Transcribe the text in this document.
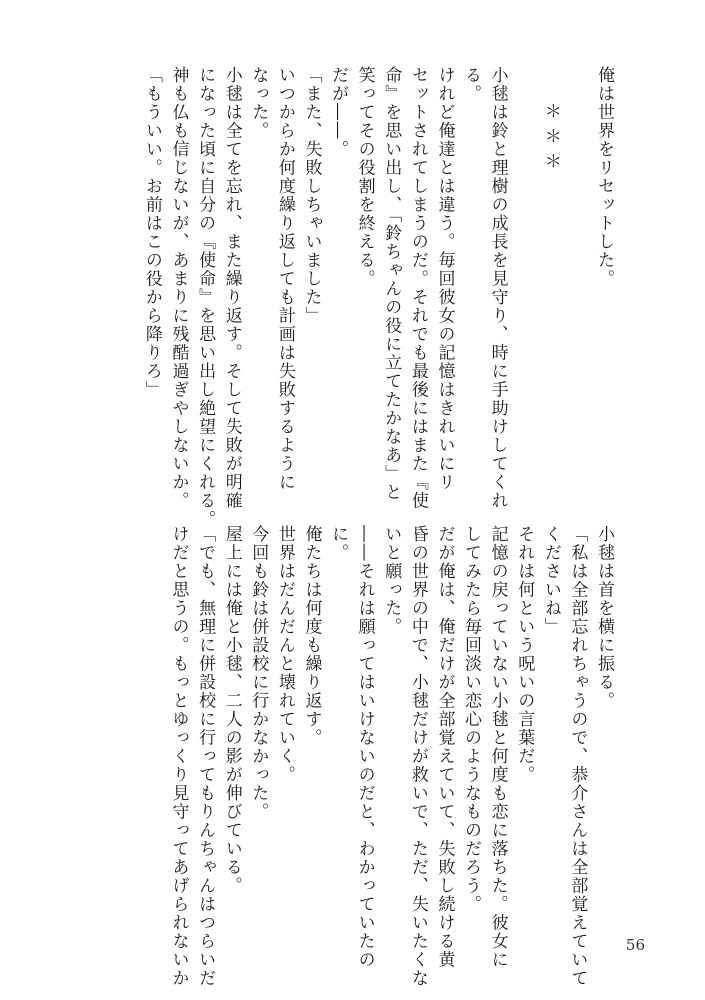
俺は世界をリセットした。

＊＊＊

小毬は鈴と理樹の成長を見守り、時に手助けしてくれ
る。
けれど俺達とは違う。毎回彼女の記憶はきれいにリ
セットされてしまうのだ。それでも最後にはまた『使
命』を思い出し、「鈴ちゃんの役に立てたかなあ」と
笑ってその役割を終える。
だが――。
「また、失敗しちゃいました」
いつからか何度繰り返しても計画は失敗するように
なった。
小毬は全てを忘れ、また繰り返す。そして失敗が明確
になった頃に自分の『使命』を思い出し絶望にくれる。
神も仏も信じないが、あまりに残酷過ぎやしないか。
「もういい。お前はこの役から降りろ」
小毬は首を横に振る。
「私は全部忘れちゃうので、恭介さんは全部覚えていて
くださいね」
それは何という呪いの言葉だ。
記憶の戻っていない小毬と何度も恋に落ちた。彼女に
してみたら毎回淡い恋心のようなものだろう。
だが俺は、俺だけが全部覚えていて、失敗し続ける黄
昏の世界の中で、小毬だけが救いで、ただ、失いたくな
いと願った。
――それは願ってはいけないのだと、わかっていたの
に。
俺たちは何度も繰り返す。
世界はだんだんと壊れていく。
今回も鈴は併設校に行かなかった。
屋上には俺と小毬、二人の影が伸びている。
「でも、無理に併設校に行ってもりんちゃんはつらいだ
けだと思うの。もっとゆっくり見守ってあげられないか	56
